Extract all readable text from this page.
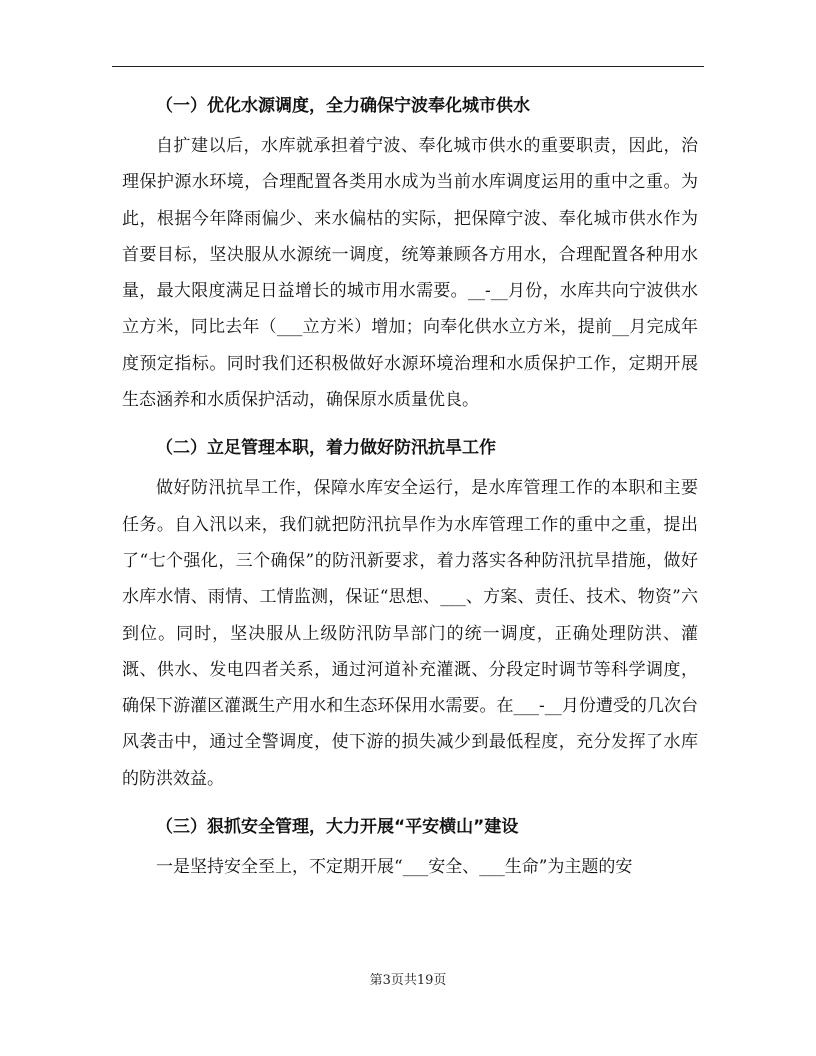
（一）优化水源调度，全力确保宁波奉化城市供水

自扩建以后，水库就承担着宁波、奉化城市供水的重要职责，因此，治理保护源水环境，合理配置各类用水成为当前水库调度运用的重中之重。为此，根据今年降雨偏少、来水偏枯的实际，把保障宁波、奉化城市供水作为首要目标，坚决服从水源统一调度，统筹兼顾各方用水，合理配置各种用水量，最大限度满足日益增长的城市用水需要。__-__月份，水库共向宁波供水立方米，同比去年（___立方米）增加；向奉化供水立方米，提前__月完成年度预定指标。同时我们还积极做好水源环境治理和水质保护工作，定期开展生态涵养和水质保护活动，确保原水质量优良。

（二）立足管理本职，着力做好防汛抗旱工作

做好防汛抗旱工作，保障水库安全运行，是水库管理工作的本职和主要任务。自入汛以来，我们就把防汛抗旱作为水库管理工作的重中之重，提出了“七个强化，三个确保”的防汛新要求，着力落实各种防汛抗旱措施，做好水库水情、雨情、工情监测，保证“思想、___、方案、责任、技术、物资”六到位。同时，坚决服从上级防汛防旱部门的统一调度，正确处理防洪、灌溉、供水、发电四者关系，通过河道补充灌溉、分段定时调节等科学调度，确保下游灌区灌溉生产用水和生态环保用水需要。在___-__月份遭受的几次台风袭击中，通过全警调度，使下游的损失减少到最低程度，充分发挥了水库的防洪效益。

（三）狠抓安全管理，大力开展“平安横山”建设

一是坚持安全至上，不定期开展“___安全、___生命”为主题的安

第3页共19页
